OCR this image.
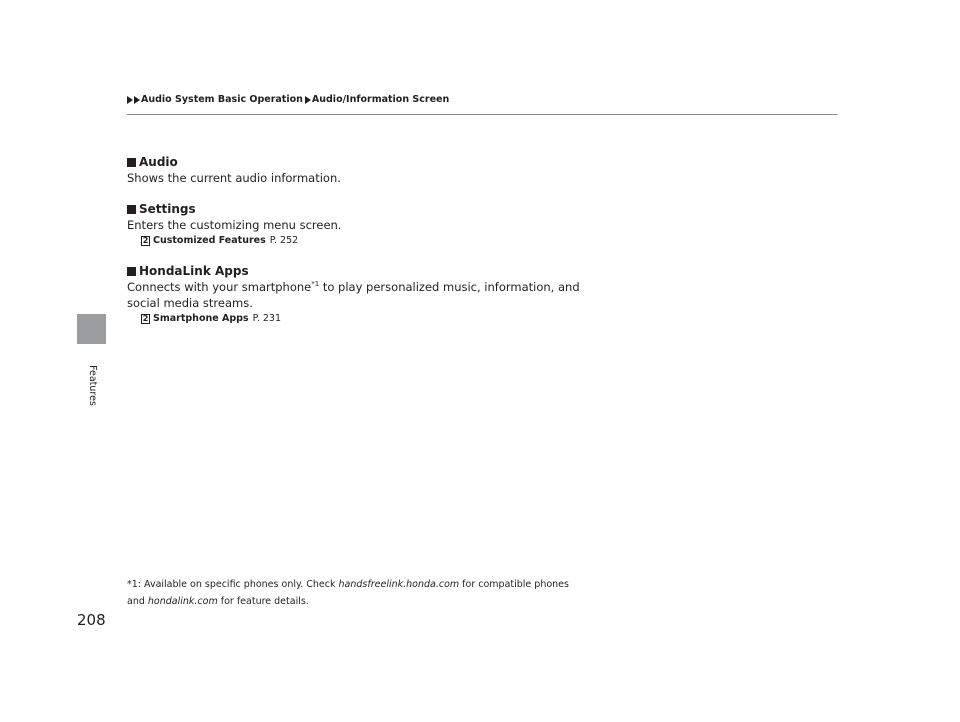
Audio System Basic Operation Audio/Information Screen
Features
Audio
Shows the current audio information.
Settings
Enters the customizing menu screen.
2 Customized Features P. 252
HondaLink Apps
Connects with your smartphone$^{*1}$ to play personalized music, information, and
social media streams.
2 Smartphone Apps P. 231
*1: Available on specific phones only. Check handsfreelink.honda.com for compatible phones
and hondalink.com for feature details.
208
